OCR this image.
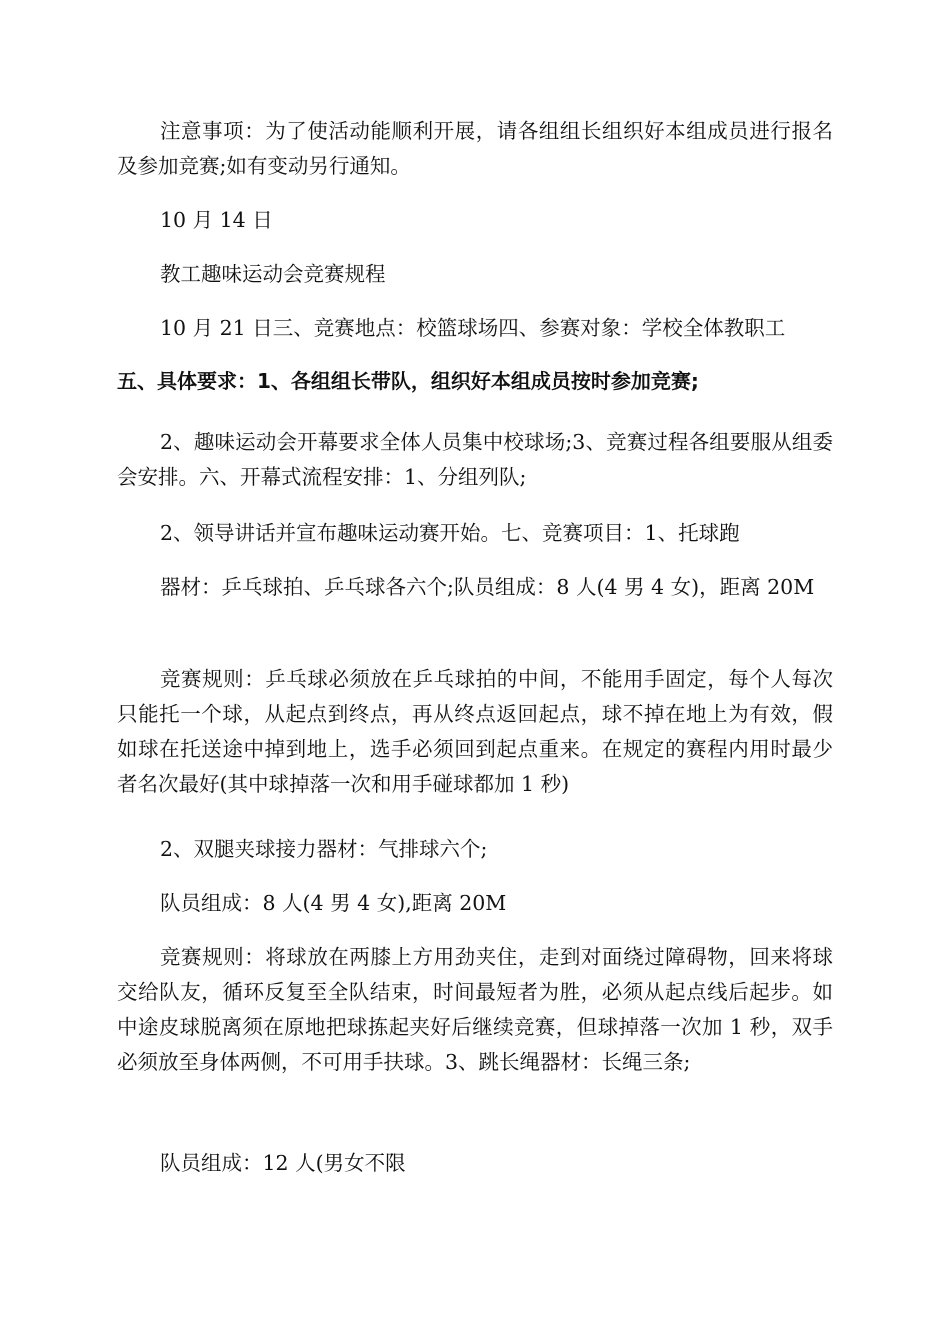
注意事项：为了使活动能顺利开展，请各组组长组织好本组成员进行报名及参加竞赛;如有变动另行通知。

10 月 14 日

教工趣味运动会竞赛规程

10 月 21 日三、竞赛地点：校篮球场四、参赛对象：学校全体教职工

五、具体要求：1、各组组长带队，组织好本组成员按时参加竞赛;

2、趣味运动会开幕要求全体人员集中校球场;3、竞赛过程各组要服从组委会安排。六、开幕式流程安排：1、分组列队;

2、领导讲话并宣布趣味运动赛开始。七、竞赛项目：1、托球跑

器材：乒乓球拍、乒乓球各六个;队员组成：8 人(4 男 4 女)，距离 20M

竞赛规则：乒乓球必须放在乒乓球拍的中间，不能用手固定，每个人每次只能托一个球，从起点到终点，再从终点返回起点，球不掉在地上为有效，假如球在托送途中掉到地上，选手必须回到起点重来。在规定的赛程内用时最少者名次最好(其中球掉落一次和用手碰球都加 1 秒)

2、双腿夹球接力器材：气排球六个;

队员组成：8 人(4 男 4 女),距离 20M

竞赛规则：将球放在两膝上方用劲夹住，走到对面绕过障碍物，回来将球交给队友，循环反复至全队结束，时间最短者为胜，必须从起点线后起步。如中途皮球脱离须在原地把球拣起夹好后继续竞赛，但球掉落一次加 1 秒，双手必须放至身体两侧，不可用手扶球。3、跳长绳器材：长绳三条;

队员组成：12 人(男女不限
